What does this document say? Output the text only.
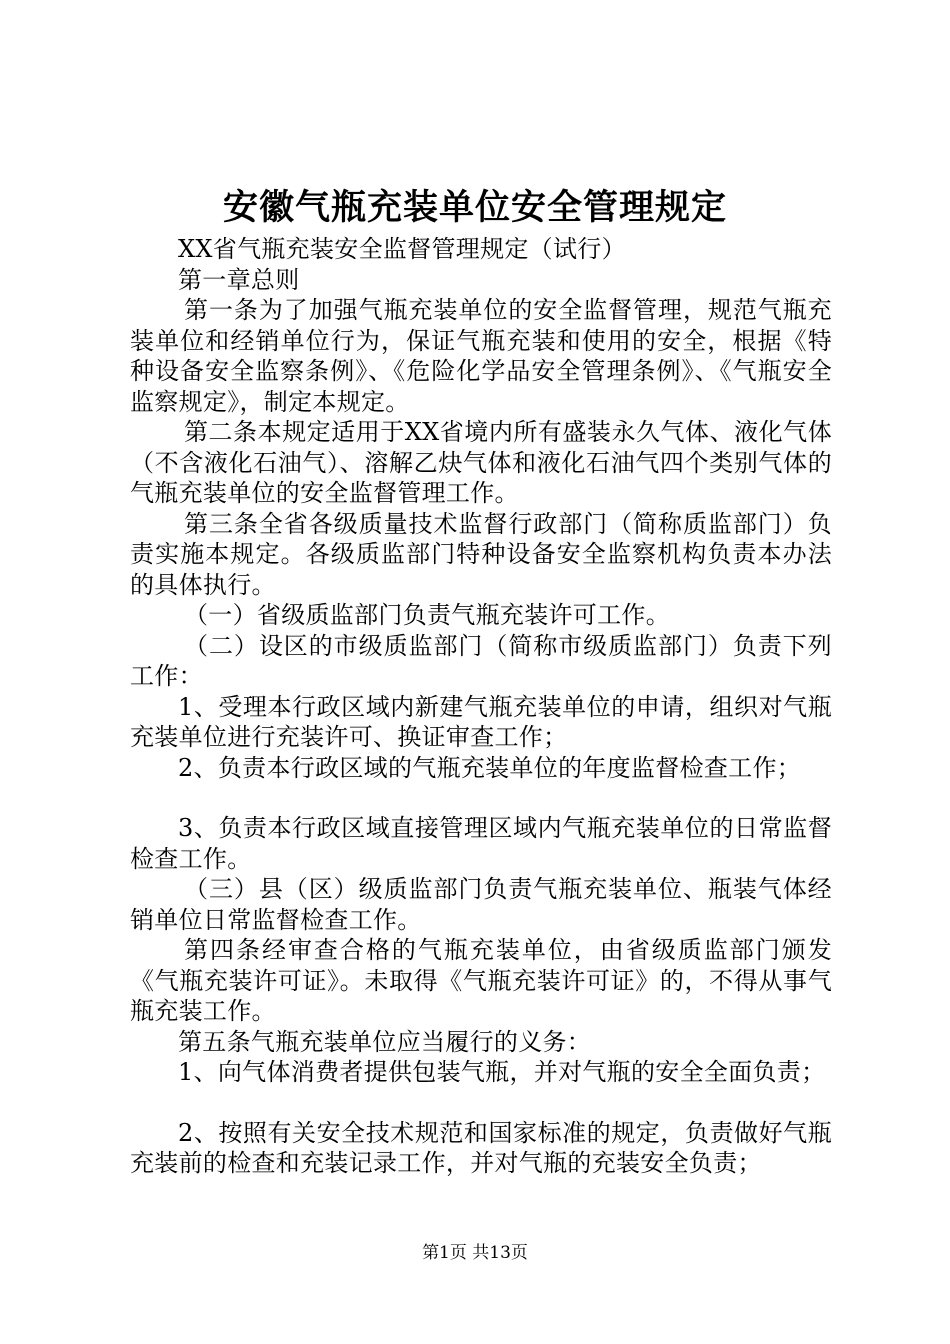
安徽气瓶充装单位安全管理规定

XX省气瓶充装安全监督管理规定（试行）

第一章总则

第一条为了加强气瓶充装单位的安全监督管理，规范气瓶充装单位和经销单位行为，保证气瓶充装和使用的安全，根据《特种设备安全监察条例》、《危险化学品安全管理条例》、《气瓶安全监察规定》，制定本规定。

第二条本规定适用于XX省境内所有盛装永久气体、液化气体（不含液化石油气）、溶解乙炔气体和液化石油气四个类别气体的气瓶充装单位的安全监督管理工作。

第三条全省各级质量技术监督行政部门（简称质监部门）负责实施本规定。各级质监部门特种设备安全监察机构负责本办法的具体执行。

（一）省级质监部门负责气瓶充装许可工作。

（二）设区的市级质监部门（简称市级质监部门）负责下列工作：

1、受理本行政区域内新建气瓶充装单位的申请，组织对气瓶充装单位进行充装许可、换证审查工作；

2、负责本行政区域的气瓶充装单位的年度监督检查工作；

3、负责本行政区域直接管理区域内气瓶充装单位的日常监督检查工作。

（三）县（区）级质监部门负责气瓶充装单位、瓶装气体经销单位日常监督检查工作。

第四条经审查合格的气瓶充装单位，由省级质监部门颁发《气瓶充装许可证》。未取得《气瓶充装许可证》的，不得从事气瓶充装工作。

第五条气瓶充装单位应当履行的义务：

1、向气体消费者提供包装气瓶，并对气瓶的安全全面负责；

2、按照有关安全技术规范和国家标准的规定，负责做好气瓶充装前的检查和充装记录工作，并对气瓶的充装安全负责；

第1页 共13页
